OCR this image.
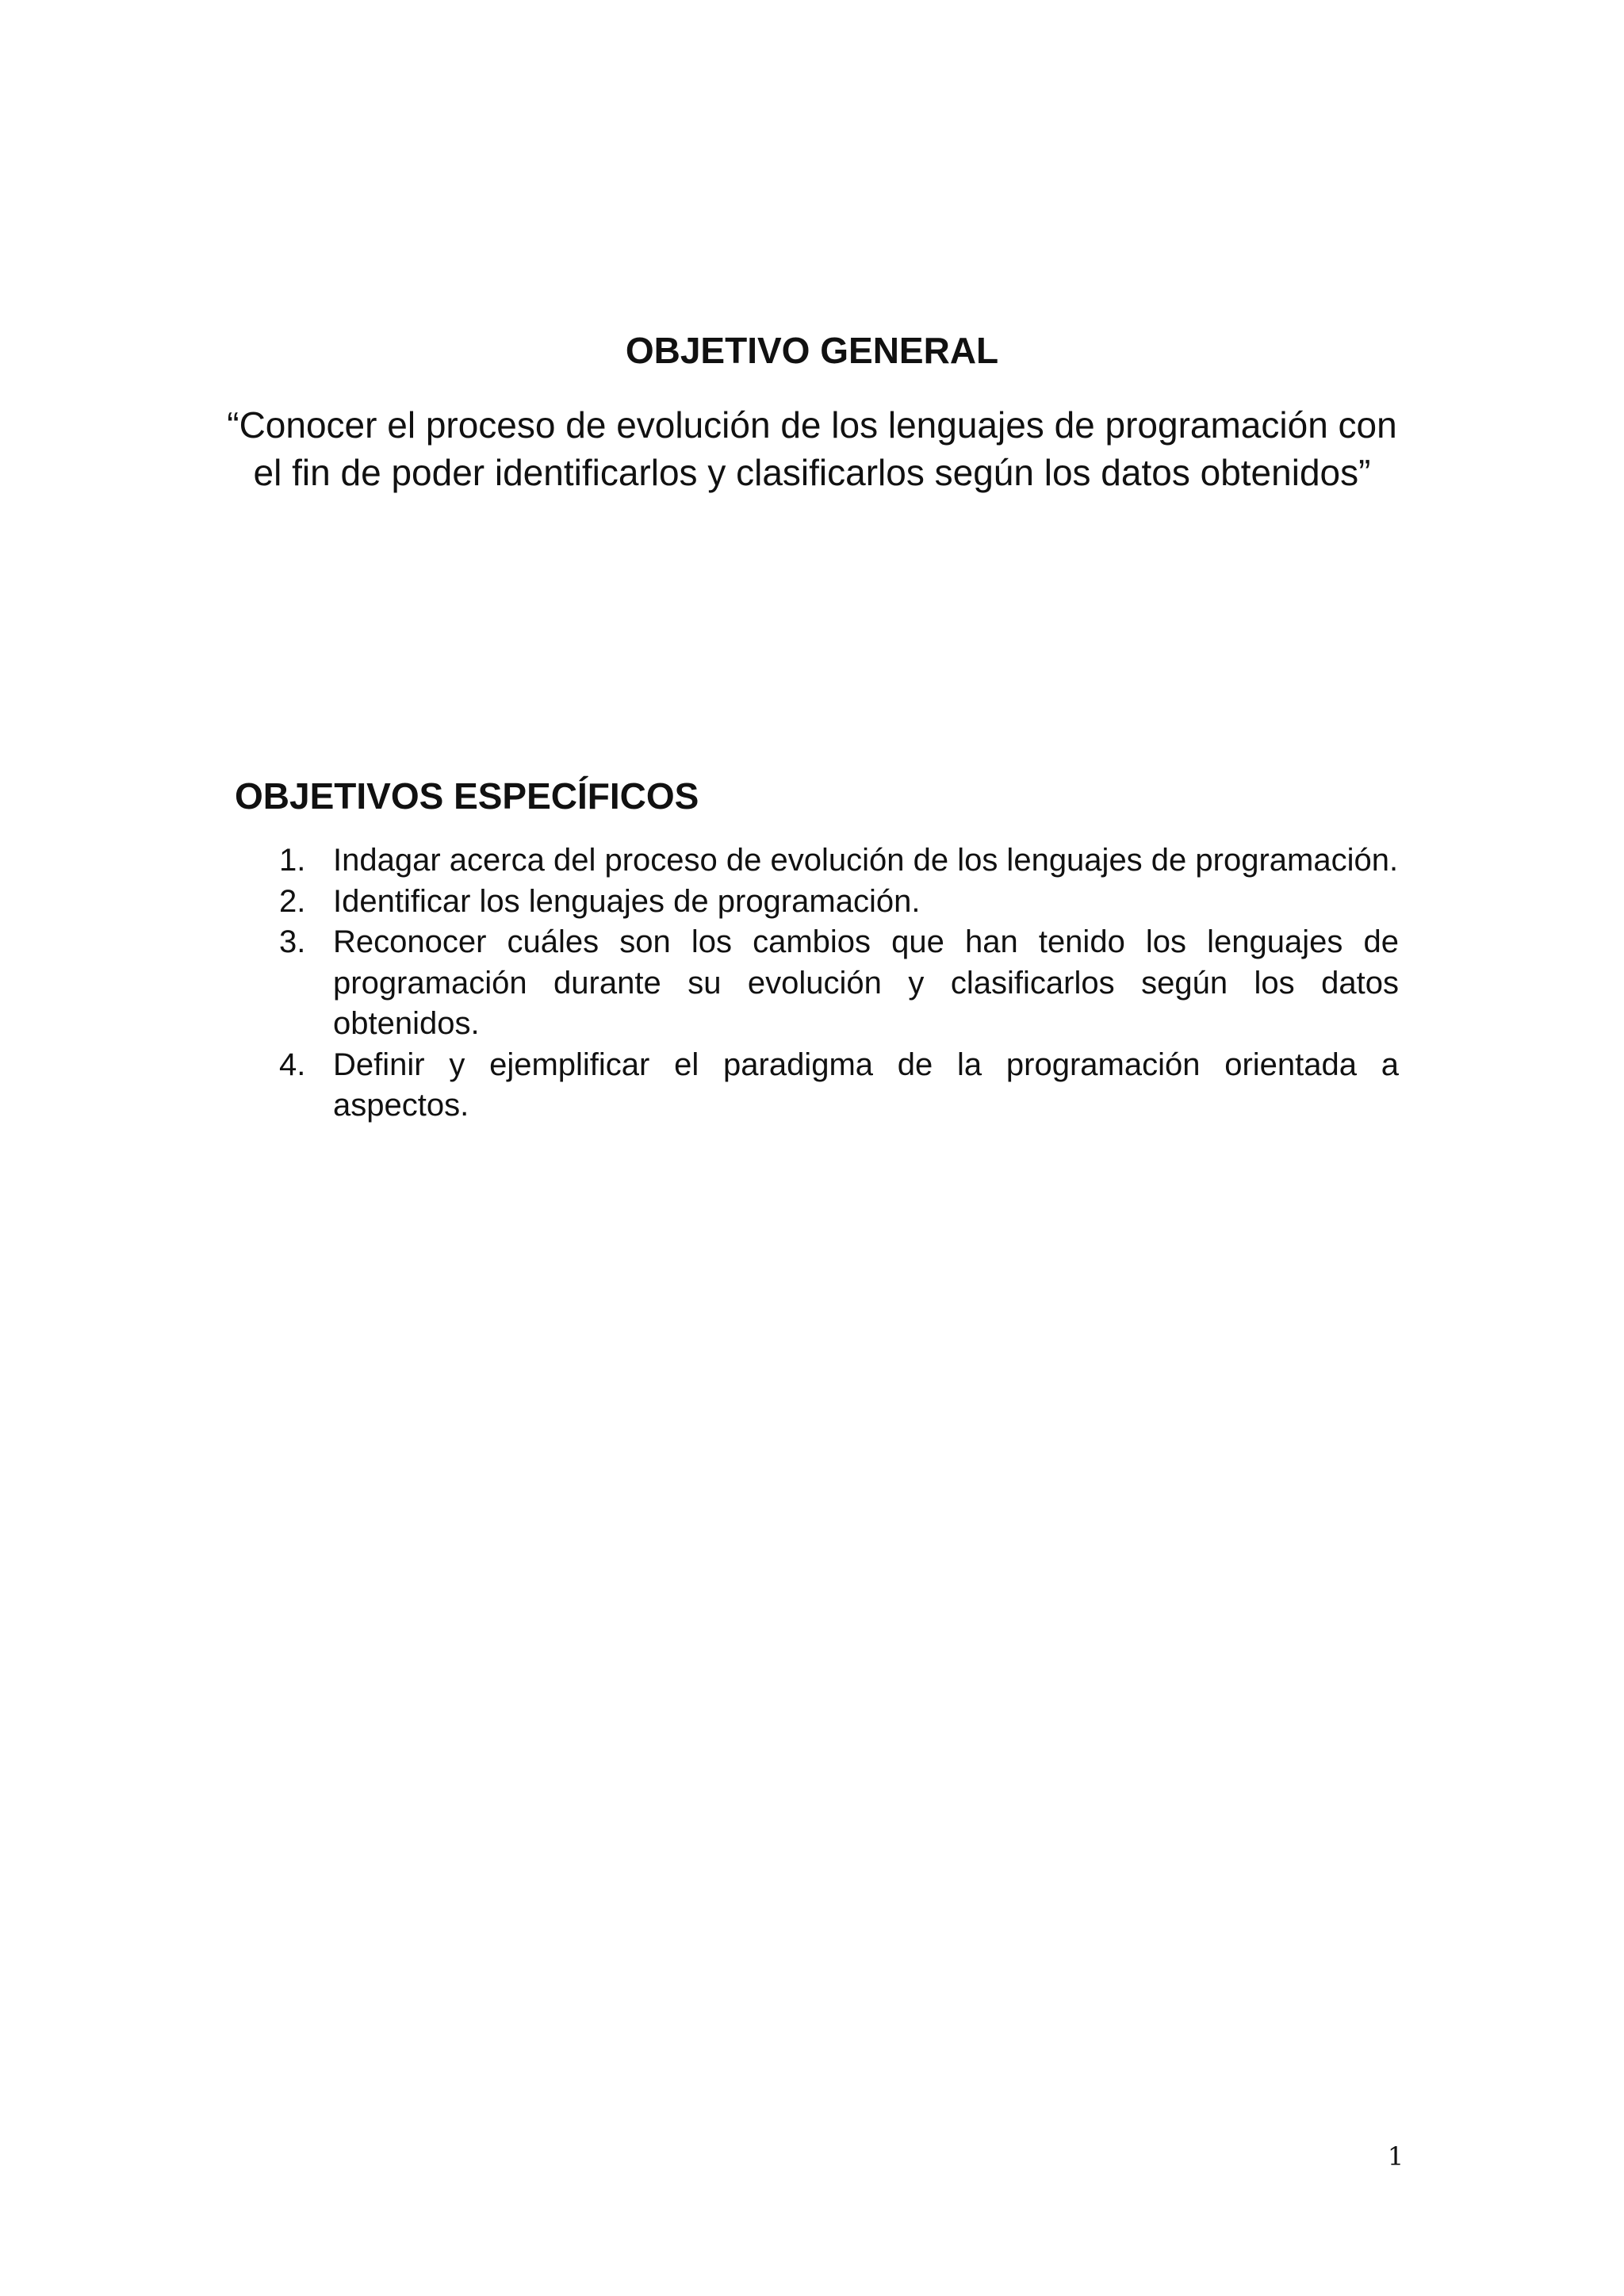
OBJETIVO GENERAL

“Conocer el proceso de evolución de los lenguajes de programación con el fin de poder identificarlos y clasificarlos según los datos obtenidos”

OBJETIVOS ESPECÍFICOS
1. Indagar acerca del proceso de evolución de los lenguajes de programación.
2. Identificar los lenguajes de programación.
3. Reconocer cuáles son los cambios que han tenido los lenguajes de programación durante su evolución y clasificarlos según los datos obtenidos.
4. Definir y ejemplificar el paradigma de la programación orientada a aspectos.
1
